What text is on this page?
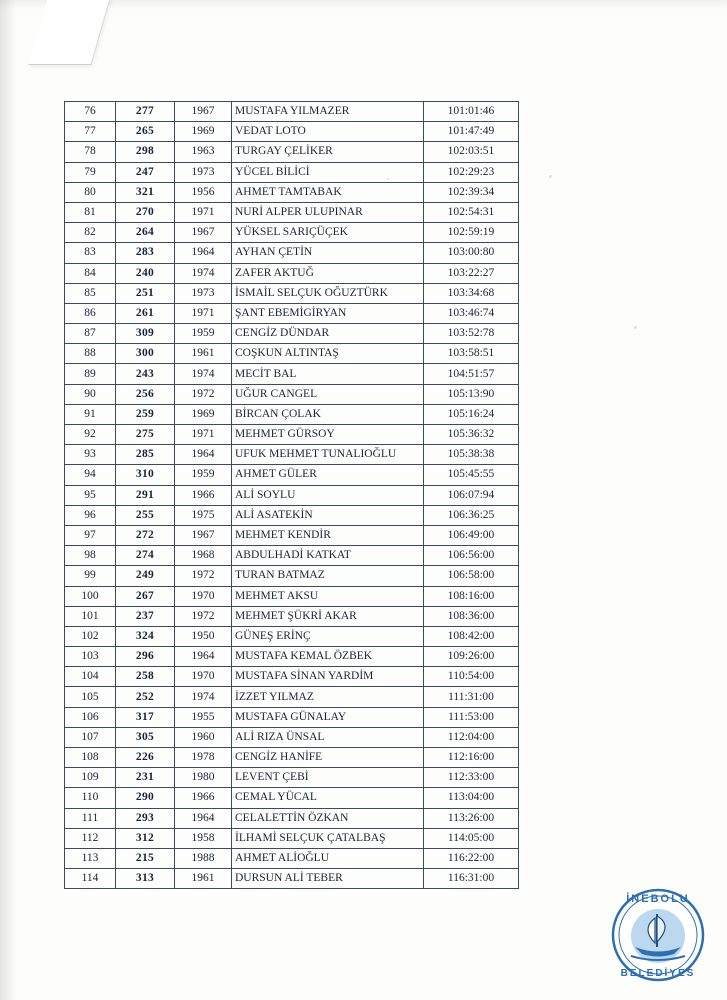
76	277	1967	MUSTAFA YILMAZER	101:01:46
77	265	1969	VEDAT LOTO	101:47:49
78	298	1963	TURGAY ÇELİKER	102:03:51
79	247	1973	YÜCEL BİLİCİ	102:29:23
80	321	1956	AHMET TAMTABAK	102:39:34
81	270	1971	NURİ ALPER ULUPINAR	102:54:31
82	264	1967	YÜKSEL SARIÇÜÇEK	102:59:19
83	283	1964	AYHAN ÇETİN	103:00:80
84	240	1974	ZAFER AKTUĞ	103:22:27
85	251	1973	İSMAİL SELÇUK OĞUZTÜRK	103:34:68
86	261	1971	ŞANT EBEMİGİRYAN	103:46:74
87	309	1959	CENGİZ DÜNDAR	103:52:78
88	300	1961	COŞKUN ALTINTAŞ	103:58:51
89	243	1974	MECİT BAL	104:51:57
90	256	1972	UĞUR CANGEL	105:13:90
91	259	1969	BİRCAN ÇOLAK	105:16:24
92	275	1971	MEHMET GÜRSOY	105:36:32
93	285	1964	UFUK MEHMET TUNALIOĞLU	105:38:38
94	310	1959	AHMET GÜLER	105:45:55
95	291	1966	ALİ SOYLU	106:07:94
96	255	1975	ALİ ASATEKİN	106:36:25
97	272	1967	MEHMET KENDİR	106:49:00
98	274	1968	ABDULHADİ KATKAT	106:56:00
99	249	1972	TURAN BATMAZ	106:58:00
100	267	1970	MEHMET AKSU	108:16:00
101	237	1972	MEHMET ŞÜKRİ AKAR	108:36:00
102	324	1950	GÜNEŞ ERİNÇ	108:42:00
103	296	1964	MUSTAFA KEMAL ÖZBEK	109:26:00
104	258	1970	MUSTAFA SİNAN YARDİM	110:54:00
105	252	1974	İZZET YILMAZ	111:31:00
106	317	1955	MUSTAFA GÜNALAY	111:53:00
107	305	1960	ALİ RIZA ÜNSAL	112:04:00
108	226	1978	CENGİZ HANİFE	112:16:00
109	231	1980	LEVENT ÇEBİ	112:33:00
110	290	1966	CEMAL YÜCAL	113:04:00
111	293	1964	CELALETTİN ÖZKAN	113:26:00
112	312	1958	İLHAMİ SELÇUK ÇATALBAŞ	114:05:00
113	215	1988	AHMET ALİOĞLU	116:22:00
114	313	1961	DURSUN ALİ TEBER	116:31:00
İNEBOLU
BELEDİYES
